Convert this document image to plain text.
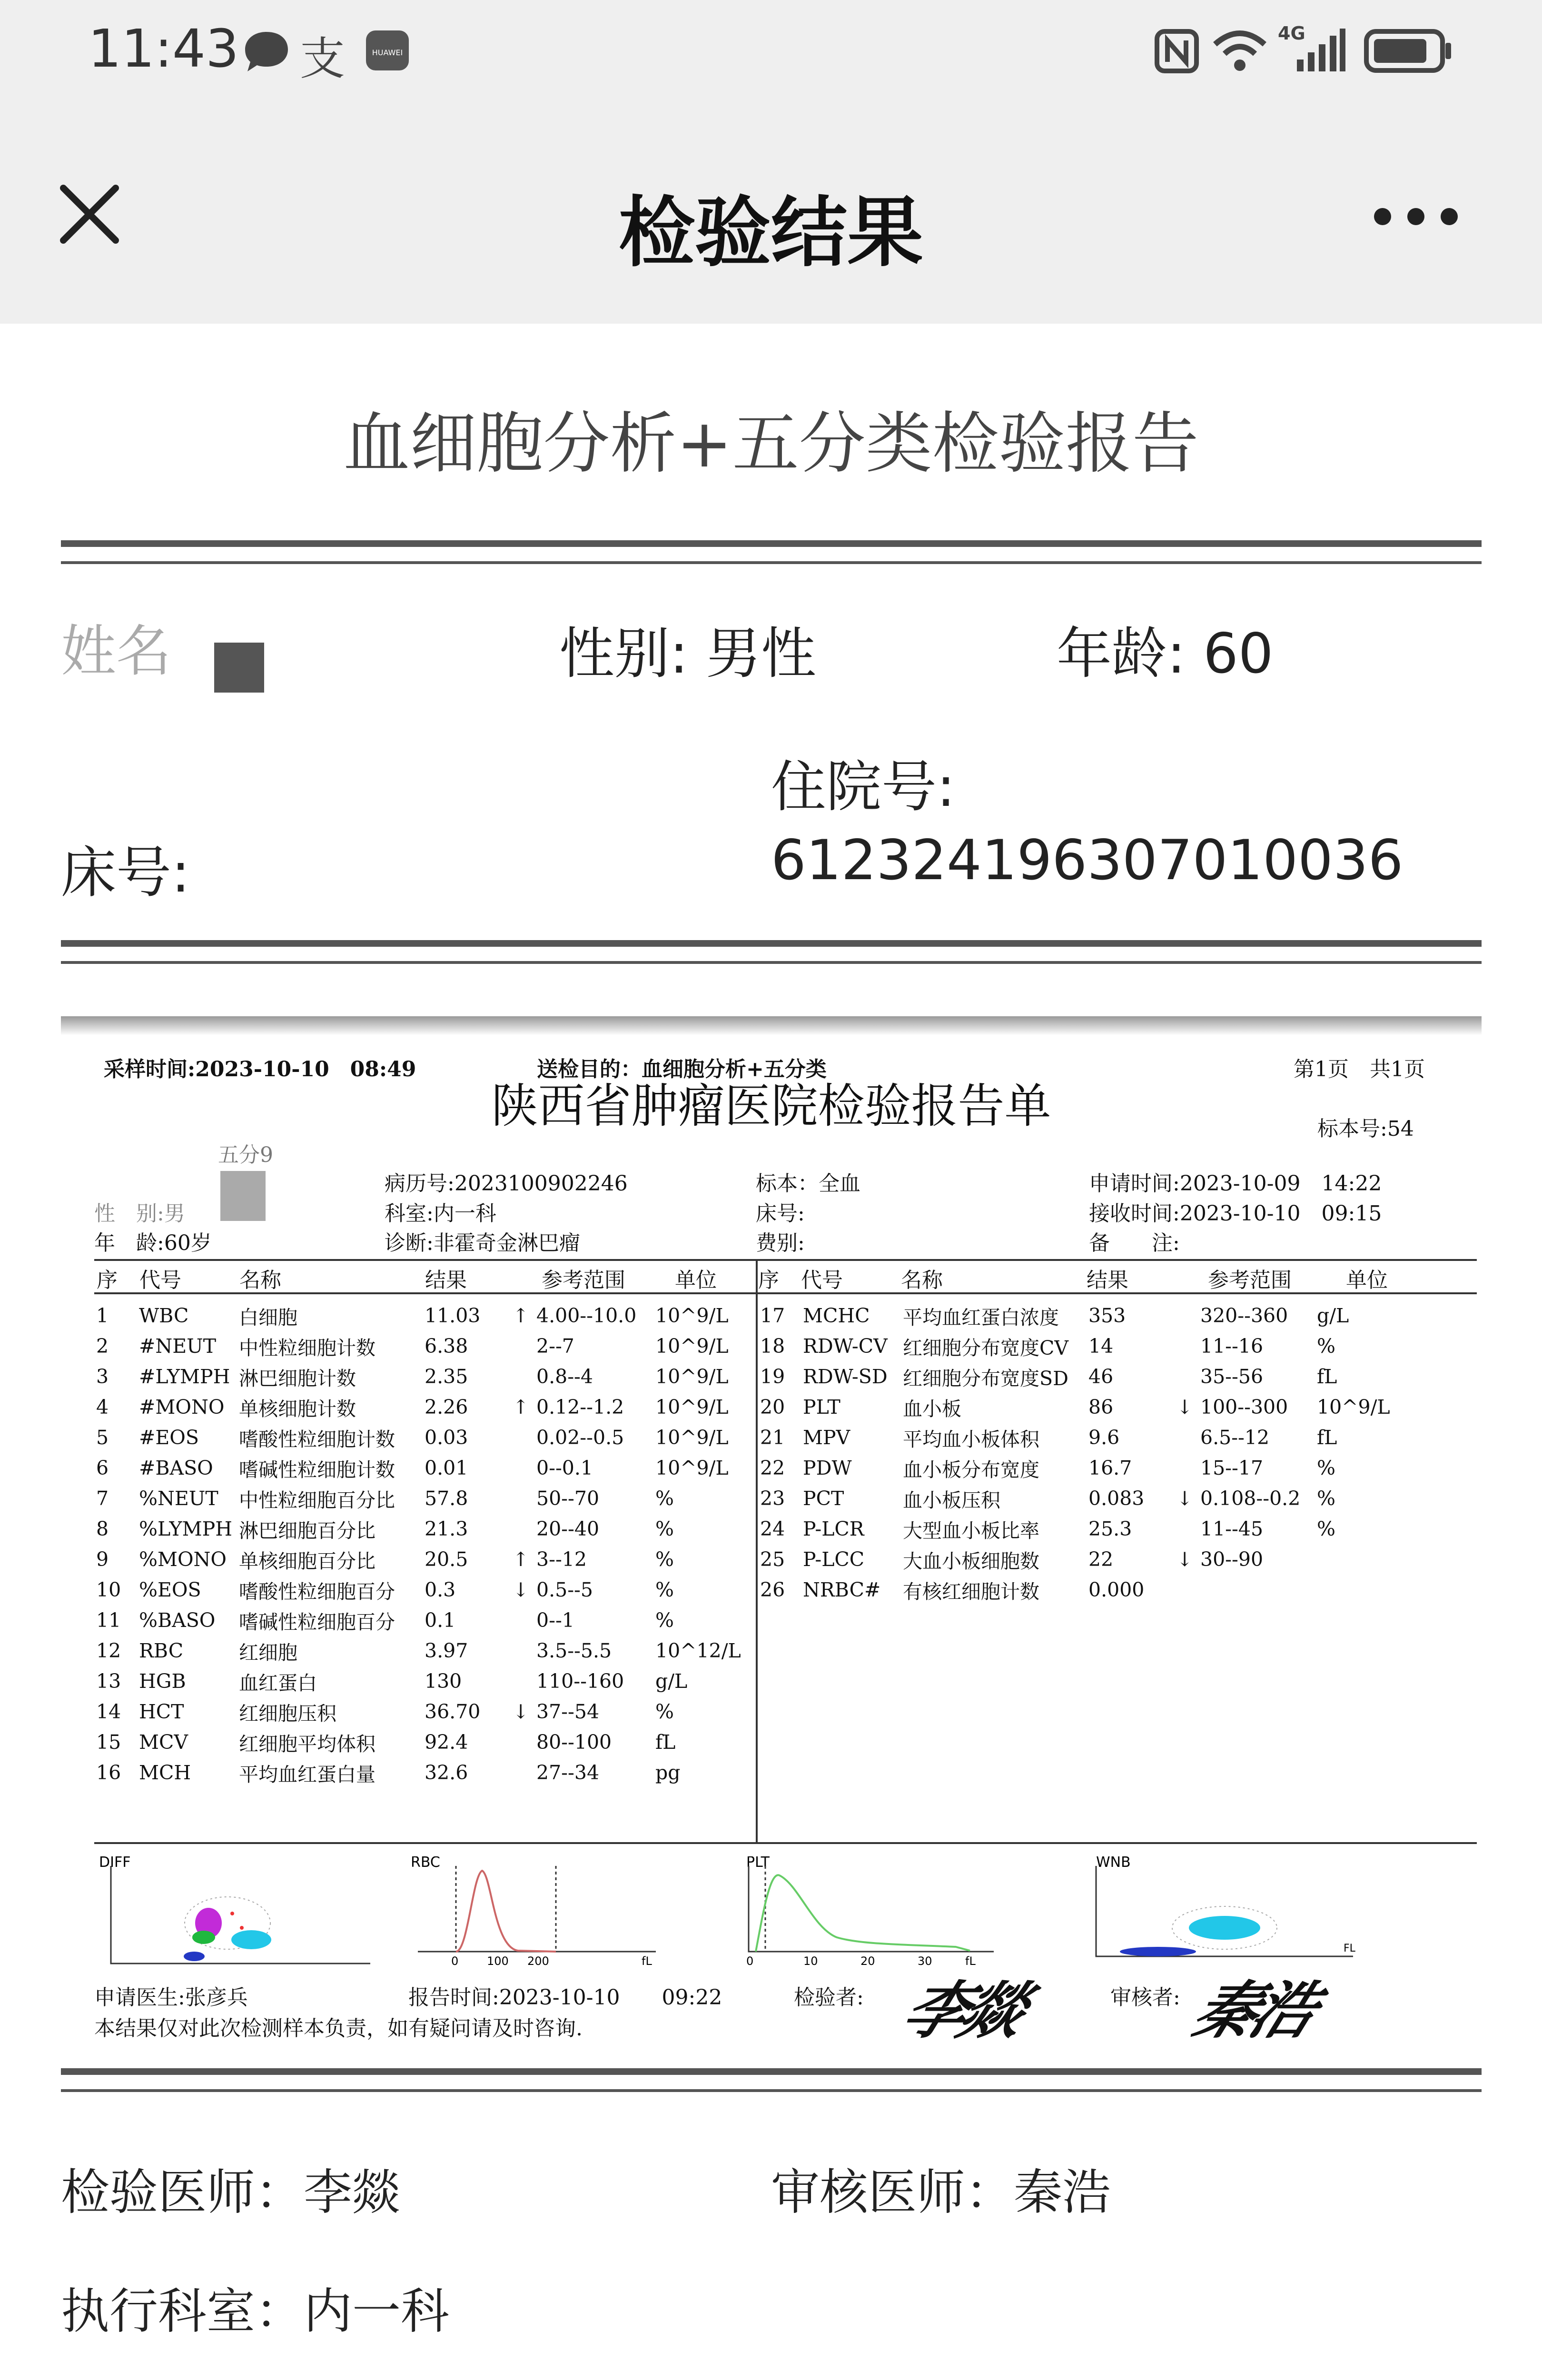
11:43 支	HUAWEI
4G
检验结果
血细胞分析+五分类检验报告
姓名	性别: 男性	年龄: 60
住院号:
床号:	612324196307010036
采样时间:2023-10-10　08:49	送检目的：血细胞分析+五分类	第1页　共1页
陕西省肿瘤医院检验报告单	标本号:54
五分9
病历号:2023100902246	标本：全血	申请时间:2023-10-09　14:22
性　别:男	科室:内一科	床号:	接收时间:2023-10-10　09:15
年　龄:60岁	诊断:非霍奇金淋巴瘤	费别:	备　　注:
序 代号	名称	结果	参考范围 单位 序 代号	名称	结果	参考范围	单位
1	WBC	白细胞	11.03	↑	4.00--10.0	10^9/L
2	#NEUT	中性粒细胞计数	6.38		2--7	10^9/L
3	#LYMPH	淋巴细胞计数	2.35		0.8--4	10^9/L
4	#MONO	单核细胞计数	2.26	↑	0.12--1.2	10^9/L
5	#EOS	嗜酸性粒细胞计数	0.03		0.02--0.5	10^9/L
6	#BASO	嗜碱性粒细胞计数	0.01		0--0.1	10^9/L
7	%NEUT	中性粒细胞百分比	57.8		50--70	%
8	%LYMPH	淋巴细胞百分比	21.3		20--40	%
9	%MONO	单核细胞百分比	20.5	↑	3--12	%
10	%EOS	嗜酸性粒细胞百分	0.3	↓	0.5--5	%
11	%BASO	嗜碱性粒细胞百分	0.1		0--1	%
12	RBC	红细胞	3.97		3.5--5.5	10^12/L
13	HGB	血红蛋白	130		110--160	g/L
14	HCT	红细胞压积	36.70	↓	37--54	%
15	MCV	红细胞平均体积	92.4		80--100	fL
16	MCH	平均血红蛋白量	32.6		27--34	pg
17	MCHC	平均血红蛋白浓度	353		320--360	g/L
18	RDW-CV	红细胞分布宽度CV	14		11--16	%
19	RDW-SD	红细胞分布宽度SD	46		35--56	fL
20	PLT	血小板	86	↓	100--300	10^9/L
21	MPV	平均血小板体积	9.6		6.5--12	fL
22	PDW	血小板分布宽度	16.7		15--17	%
23	PCT	血小板压积	0.083	↓	0.108--0.2	%
24	P-LCR	大型血小板比率	25.3		11--45	%
25	P-LCC	大血小板细胞数	22	↓	30--90	
26	NRBC#	有核红细胞计数	0.000			
DIFF	RBC
0 100 200	fL
PLT
0	10	20	30	fL
WNB
FL
申请医生:张彦兵	报告时间:2023-10-10　　09:22	检验者: 李燚	审核者: 秦浩
本结果仅对此次检测样本负责，如有疑问请及时咨询.
检验医师：李燚	审核医师：秦浩
执行科室：内一科
